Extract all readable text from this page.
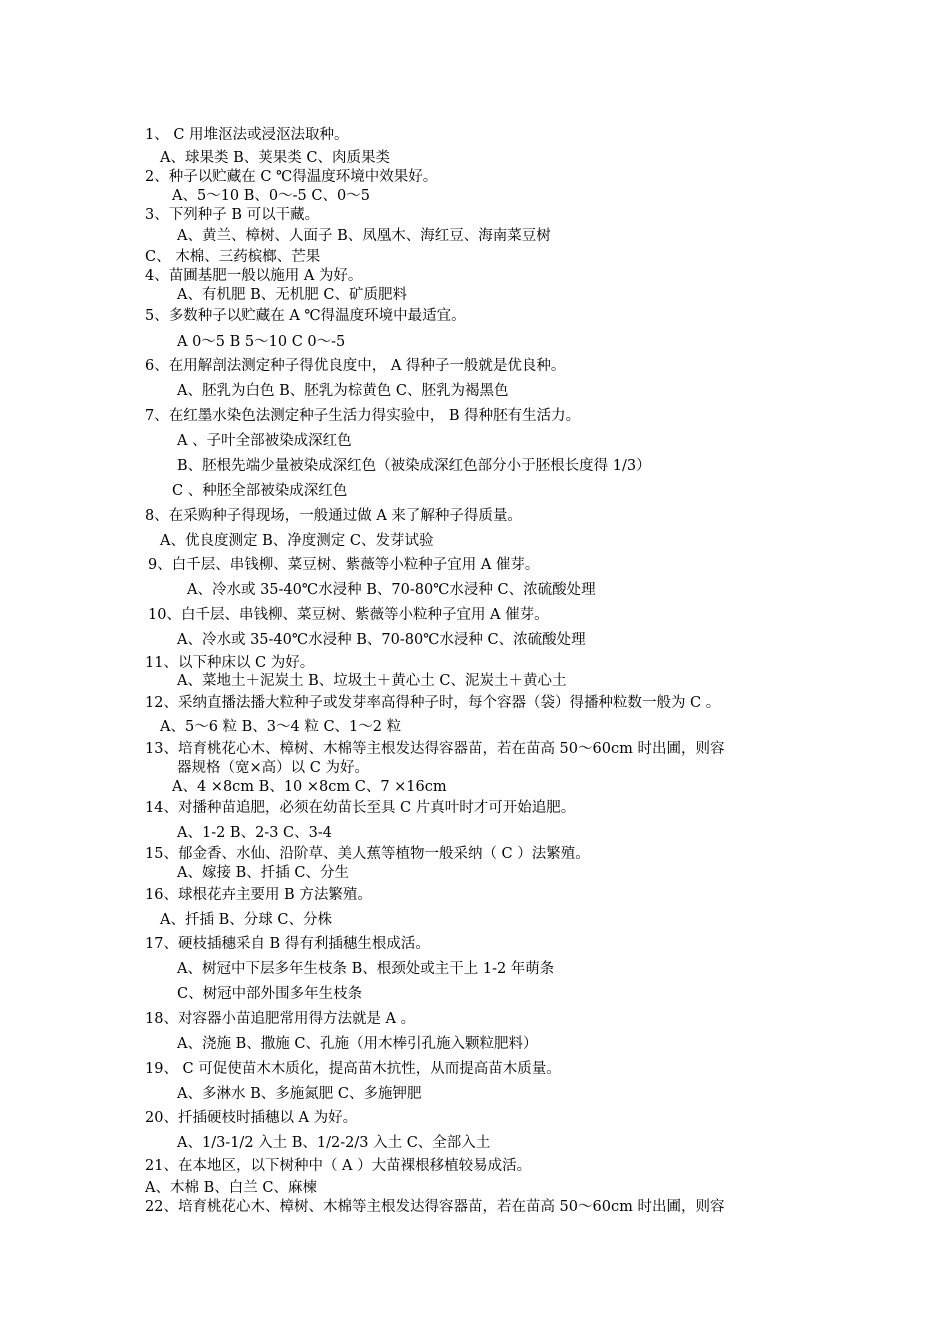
1、 C 用堆沤法或浸沤法取种。
A、球果类 B、荚果类 C、肉质果类
2、种子以贮藏在 C ℃得温度环境中效果好。
A、5～10 B、0～-5 C、0～5
3、下列种子 B 可以干藏。
A、黄兰、樟树、人面子 B、凤凰木、海红豆、海南菜豆树
C、 木棉、三药槟榔、芒果
4、苗圃基肥一般以施用 A 为好。
A、有机肥 B、无机肥 C、矿质肥料
5、多数种子以贮藏在 A ℃得温度环境中最适宜。
A 0～5 B 5～10 C 0～-5
6、在用解剖法测定种子得优良度中， A 得种子一般就是优良种。
A、胚乳为白色 B、胚乳为棕黄色 C、胚乳为褐黑色
7、在红墨水染色法测定种子生活力得实验中， B 得种胚有生活力。
A 、子叶全部被染成深红色
B、胚根先端少量被染成深红色（被染成深红色部分小于胚根长度得 1/3）
C 、种胚全部被染成深红色
8、在采购种子得现场，一般通过做 A 来了解种子得质量。
A、优良度测定 B、净度测定 C、发芽试验
9、白千层、串钱柳、菜豆树、紫薇等小粒种子宜用 A 催芽。
A、冷水或 35-40℃水浸种 B、70-80℃水浸种 C、浓硫酸处理
10、白千层、串钱柳、菜豆树、紫薇等小粒种子宜用 A 催芽。
A、冷水或 35-40℃水浸种 B、70-80℃水浸种 C、浓硫酸处理
11、以下种床以 C 为好。
A、菜地土＋泥炭土 B、垃圾土＋黄心土 C、泥炭土＋黄心土
12、采纳直播法播大粒种子或发芽率高得种子时，每个容器（袋）得播种粒数一般为 C 。
A、5～6 粒 B、3～4 粒 C、1～2 粒
13、培育桃花心木、樟树、木棉等主根发达得容器苗，若在苗高 50～60cm 时出圃，则容
器规格（宽×高）以 C 为好。
A、4 ×8cm B、10 ×8cm C、7 ×16cm
14、对播种苗追肥，必须在幼苗长至具 C 片真叶时才可开始追肥。
A、1-2 B、2-3 C、3-4
15、郁金香、水仙、沿阶草、美人蕉等植物一般采纳（ C ）法繁殖。
A、嫁接 B、扦插 C、分生
16、球根花卉主要用 B 方法繁殖。
A、扦插 B、分球 C、分株
17、硬枝插穗采自 B 得有利插穗生根成活。
A、树冠中下层多年生枝条 B、根颈处或主干上 1-2 年萌条
C、树冠中部外围多年生枝条
18、对容器小苗追肥常用得方法就是 A 。
A、浇施 B、撒施 C、孔施（用木棒引孔施入颗粒肥料）
19、 C 可促使苗木木质化，提高苗木抗性，从而提高苗木质量。
A、多淋水 B、多施氮肥 C、多施钾肥
20、扦插硬枝时插穗以 A 为好。
A、1/3-1/2 入土 B、1/2-2/3 入土 C、全部入土
21、在本地区，以下树种中（ A ）大苗裸根移植较易成活。
A、木棉 B、白兰 C、麻楝
22、培育桃花心木、樟树、木棉等主根发达得容器苗，若在苗高 50～60cm 时出圃，则容
